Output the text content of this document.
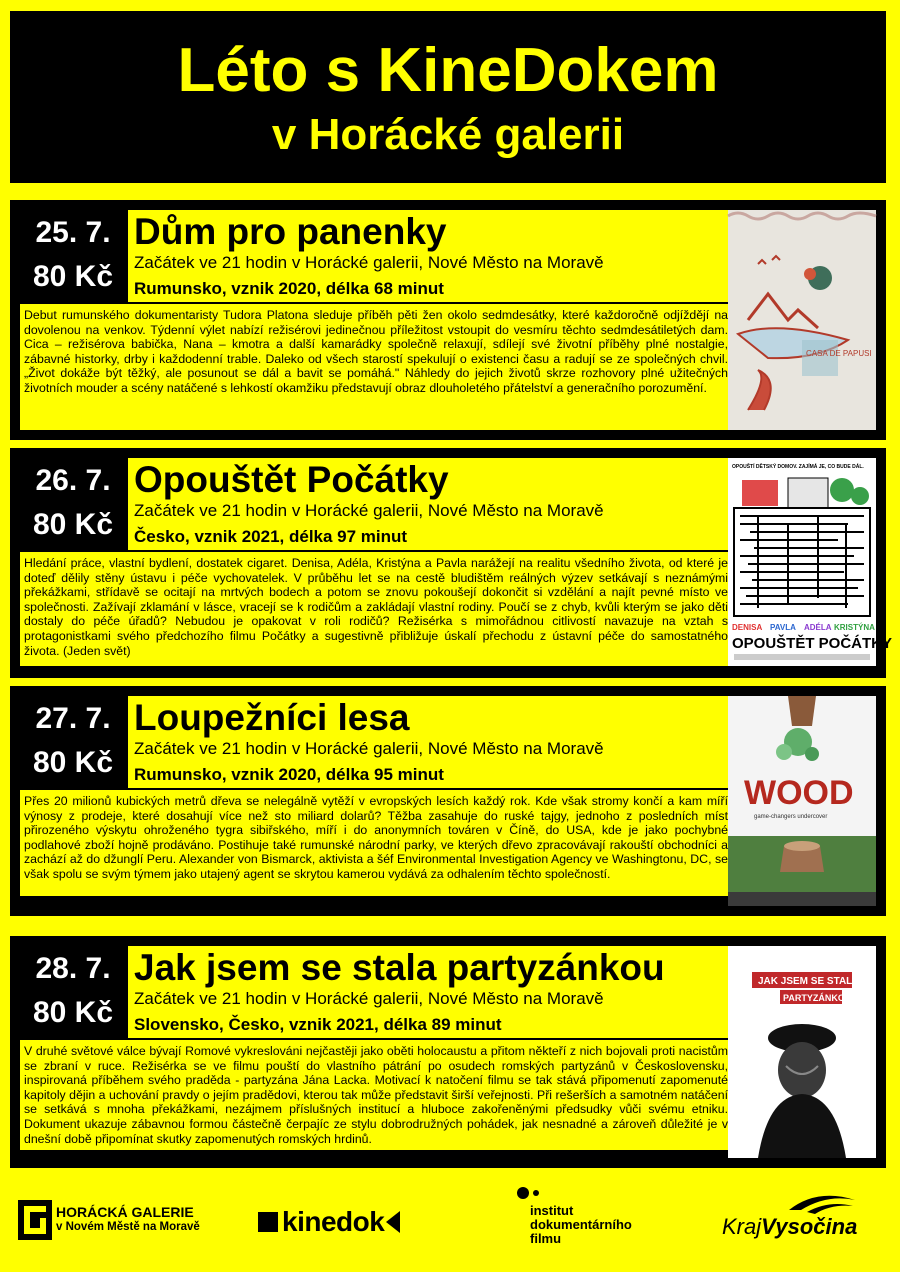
Léto s KineDokem
v Horácké galerii
25. 7.
80 Kč
Dům pro panenky
Začátek ve 21 hodin v Horácké galerii, Nové Město na Moravě
Rumunsko, vznik 2020, délka 68 minut
Debut rumunského dokumentaristy Tudora Platona sleduje příběh pěti žen okolo sedmdesátky, které každoročně odjíždějí na dovolenou na venkov. Týdenní výlet nabízí režisérovi jedinečnou příležitost vstoupit do vesmíru těchto sedmdesátiletých dam. Cica – režisérova babička, Nana – kmotra a další kamarádky společně relaxují, sdílejí své životní příběhy plné nostalgie, zábavné historky, drby i každodenní trable. Daleko od všech starostí spekulují o existenci času a radují se ze společných chvil. „Život dokáže být těžký, ale posunout se dál a bavit se pomáhá." Náhledy do jejich životů skrze rozhovory plné užitečných životních mouder a scény natáčené s lehkostí okamžiku představují obraz dlouholetého přátelství a generačního porozumění.
CASA DE PAPUSI
26. 7.
80 Kč
Opouštět Počátky
Začátek ve 21 hodin v Horácké galerii, Nové Město na Moravě
Česko, vznik 2021, délka 97 minut
Hledání práce, vlastní bydlení, dostatek cigaret. Denisa, Adéla, Kristýna a Pavla narážejí na realitu všedního života, od které je doteď dělily stěny ústavu i péče vychovatelek. V průběhu let se na cestě bludištěm reálných výzev setkávají s neznámými překážkami, střídavě se ocitají na mrtvých bodech a potom se znovu pokoušejí dokončit si vzdělání a najít pevné místo ve společnosti. Zažívají zklamání v lásce, vracejí se k rodičům a zakládají vlastní rodiny. Poučí se z chyb, kvůli kterým se jako děti dostaly do péče úřadů? Nebudou je opakovat v roli rodičů? Režisérka s mimořádnou citlivostí navazuje na vztah s protagonistkami svého předchozího filmu Počátky a sugestivně přibližuje úskalí přechodu z ústavní péče do samostatného života. (Jeden svět)
OPOUŠTÍ DĚTSKÝ DOMOV. ZAJÍMÁ JE, CO BUDE DÁL.
DENISA PAVLA ADÉLA KRISTÝNA
OPOUŠTĚT POČÁTKY
27. 7.
80 Kč
Loupežníci lesa
Začátek ve 21 hodin v Horácké galerii, Nové Město na Moravě
Rumunsko, vznik 2020, délka 95 minut
Přes 20 milionů kubických metrů dřeva se nelegálně vytěží v evropských lesích každý rok. Kde však stromy končí a kam míří výnosy z prodeje, které dosahují více než sto miliard dolarů? Těžba zasahuje do ruské tajgy, jednoho z posledních míst přirozeného výskytu ohroženého tygra sibiřského, míří i do anonymních továren v Číně, do USA, kde je jako pochybné podlahové zboží hojně prodáváno. Postihuje také rumunské národní parky, ve kterých dřevo zpracovávají rakouští obchodníci a zachází až do džunglí Peru. Alexander von Bismarck, aktivista a šéf Environmental Investigation Agency ve Washingtonu, DC, se však spolu se svým týmem jako utajený agent se skrytou kamerou vydává za odhalením těchto společností.
WOOD
game-changers undercover
28. 7.
80 Kč
Jak jsem se stala partyzánkou
Začátek ve 21 hodin v Horácké galerii, Nové Město na Moravě
Slovensko, Česko, vznik 2021, délka 89 minut
V druhé světové válce bývají Romové vykreslováni nejčastěji jako oběti holocaustu a přitom někteří z nich bojovali proti nacistům se zbraní v ruce. Režisérka se ve filmu pouští do vlastního pátrání po osudech romských partyzánů v Československu, inspirovaná příběhem svého pradědа - partyzána Jána Lacka. Motivací k natočení filmu se tak stává připomenutí zapomenuté kapitoly dějin a uchování pravdy o jejím pradědovi, kterou tak může představit širší veřejnosti. Při rešerších a samotném natáčení se setkává s mnoha překážkami, nezájmem příslušných institucí a hluboce zakořeněnými předsudky vůči svému etniku. Dokument ukazuje zábavnou formou částečně čerpajíc ze stylu dobrodružných pohádek, jak nesnadné a zároveň důležité je v dnešní době připomínat skutky zapomenutých romských hrdinů.
JAK JSEM SE STALA
PARTYZÁNKOU
HORÁCKÁ GALERIE
v Novém Městě na Moravě	kinedok	institut
dokumentárního
filmu	KrajVysočina
